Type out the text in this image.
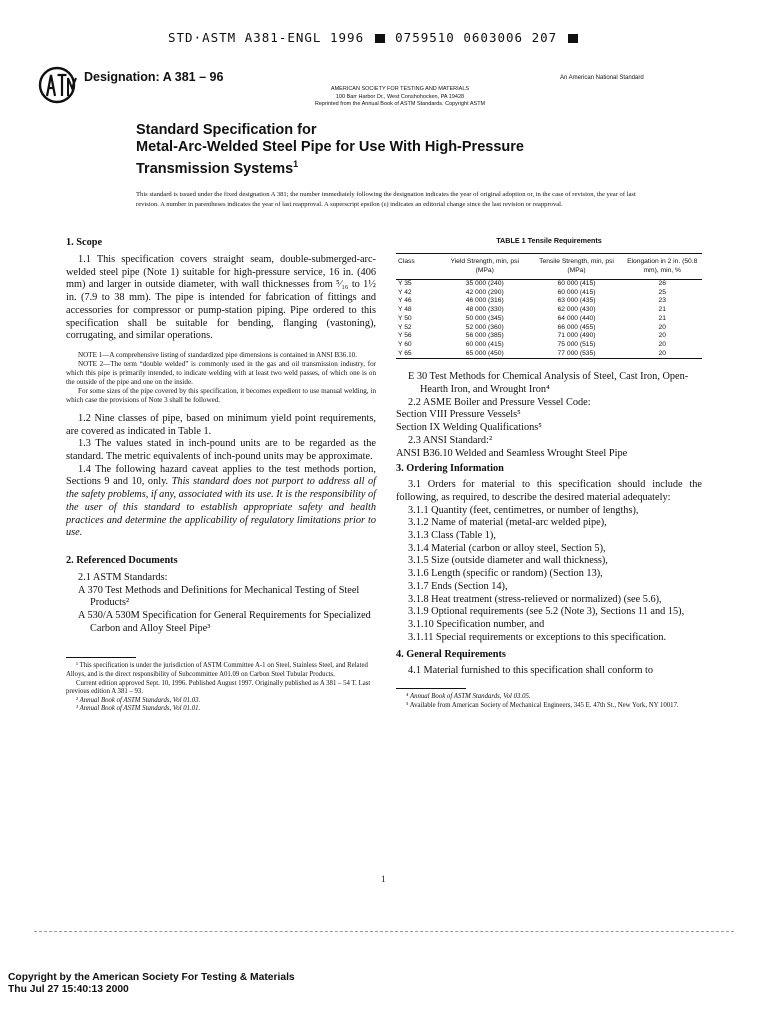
STD·ASTM A381-ENGL 1996 0759510 0603006 207
Designation: A 381 – 96	An American National Standard
AMERICAN SOCIETY FOR TESTING AND MATERIALS
100 Barr Harbor Dr., West Conshohocken, PA 19428
Reprinted from the Annual Book of ASTM Standards. Copyright ASTM
Standard Specification for
Metal-Arc-Welded Steel Pipe for Use With High-Pressure
Transmission Systems$^1$
This standard is issued under the fixed designation A 381; the number immediately following the designation indicates the year of original adoption or, in the case of revision, the year of last revision. A number in parentheses indicates the year of last reapproval. A superscript epsilon (ε) indicates an editorial change since the last revision or reapproval.
1. Scope

1.1 This specification covers straight seam, double-submerged-arc-welded steel pipe (Note 1) suitable for high-pressure service, 16 in. (406 mm) and larger in outside diameter, with wall thicknesses from ⁵⁄₁₆ to 1½ in. (7.9 to 38 mm). The pipe is intended for fabrication of fittings and accessories for compressor or pump-station piping. Pipe ordered to this specification shall be suitable for bending, flanging (vastoning), corrugating, and similar operations.

NOTE 1—A comprehensive listing of standardized pipe dimensions is contained in ANSI B36.10.

NOTE 2—The term “double welded” is commonly used in the gas and oil transmission industry, for which this pipe is primarily intended, to indicate welding with at least two weld passes, of which one is on the outside of the pipe and one on the inside.

For some sizes of the pipe covered by this specification, it becomes expedient to use manual welding, in which case the provisions of Note 3 shall be followed.

1.2 Nine classes of pipe, based on minimum yield point requirements, are covered as indicated in Table 1.

1.3 The values stated in inch-pound units are to be regarded as the standard. The metric equivalents of inch-pound units may be approximate.

1.4 The following hazard caveat applies to the test methods portion, Sections 9 and 10, only. This standard does not purport to address all of the safety problems, if any, associated with its use. It is the responsibility of the user of this standard to establish appropriate safety and health practices and determine the applicability of regulatory limitations prior to use.

2. Referenced Documents
2.1 ASTM Standards:
A 370 Test Methods and Definitions for Mechanical Testing of Steel Products²
A 530/A 530M Specification for General Requirements for Specialized Carbon and Alloy Steel Pipe³

¹ This specification is under the jurisdiction of ASTM Committee A-1 on Steel, Stainless Steel, and Related Alloys, and is the direct responsibility of Subcommittee A01.09 on Carbon Steel Tubular Products.

Current edition approved Sept. 10, 1996. Published August 1997. Originally published as A 381 – 54 T. Last previous edition A 381 – 93.

² Annual Book of ASTM Standards, Vol 01.03.

³ Annual Book of ASTM Standards, Vol 01.01.

TABLE 1 Tensile Requirements
Class	Yield Strength, min, psi (MPa)	Tensile Strength, min, psi (MPa)	Elongation in 2 in. (50.8 mm), min, %
Y 35	35 000 (240)	60 000 (415)	26
Y 42	42 000 (290)	60 000 (415)	25
Y 46	46 000 (316)	63 000 (435)	23
Y 48	48 000 (330)	62 000 (430)	21
Y 50	50 000 (345)	64 000 (440)	21
Y 52	52 000 (360)	66 000 (455)	20
Y 56	56 000 (385)	71 000 (490)	20
Y 60	60 000 (415)	75 000 (515)	20
Y 65	65 000 (450)	77 000 (535)	20
E 30 Test Methods for Chemical Analysis of Steel, Cast Iron, Open-Hearth Iron, and Wrought Iron⁴
2.2 ASME Boiler and Pressure Vessel Code:
Section VIII Pressure Vessels⁵
Section IX Welding Qualifications⁵
2.3 ANSI Standard:²
ANSI B36.10 Welded and Seamless Wrought Steel Pipe
3. Ordering Information

3.1 Orders for material to this specification should include the following, as required, to describe the desired material adequately:

3.1.1 Quantity (feet, centimetres, or number of lengths),
3.1.2 Name of material (metal-arc welded pipe),
3.1.3 Class (Table 1),
3.1.4 Material (carbon or alloy steel, Section 5),
3.1.5 Size (outside diameter and wall thickness),
3.1.6 Length (specific or random) (Section 13),
3.1.7 Ends (Section 14),

3.1.8 Heat treatment (stress-relieved or normalized) (see 5.6),

3.1.9 Optional requirements (see 5.2 (Note 3), Sections 11 and 15),

3.1.10 Specification number, and

3.1.11 Special requirements or exceptions to this specification.

4. General Requirements

4.1 Material furnished to this specification shall conform to

⁴ Annual Book of ASTM Standards, Vol 03.05.

⁵ Available from American Society of Mechanical Engineers, 345 E. 47th St., New York, NY 10017.

1
Copyright by the American Society For Testing & Materials
Thu Jul 27 15:40:13 2000
